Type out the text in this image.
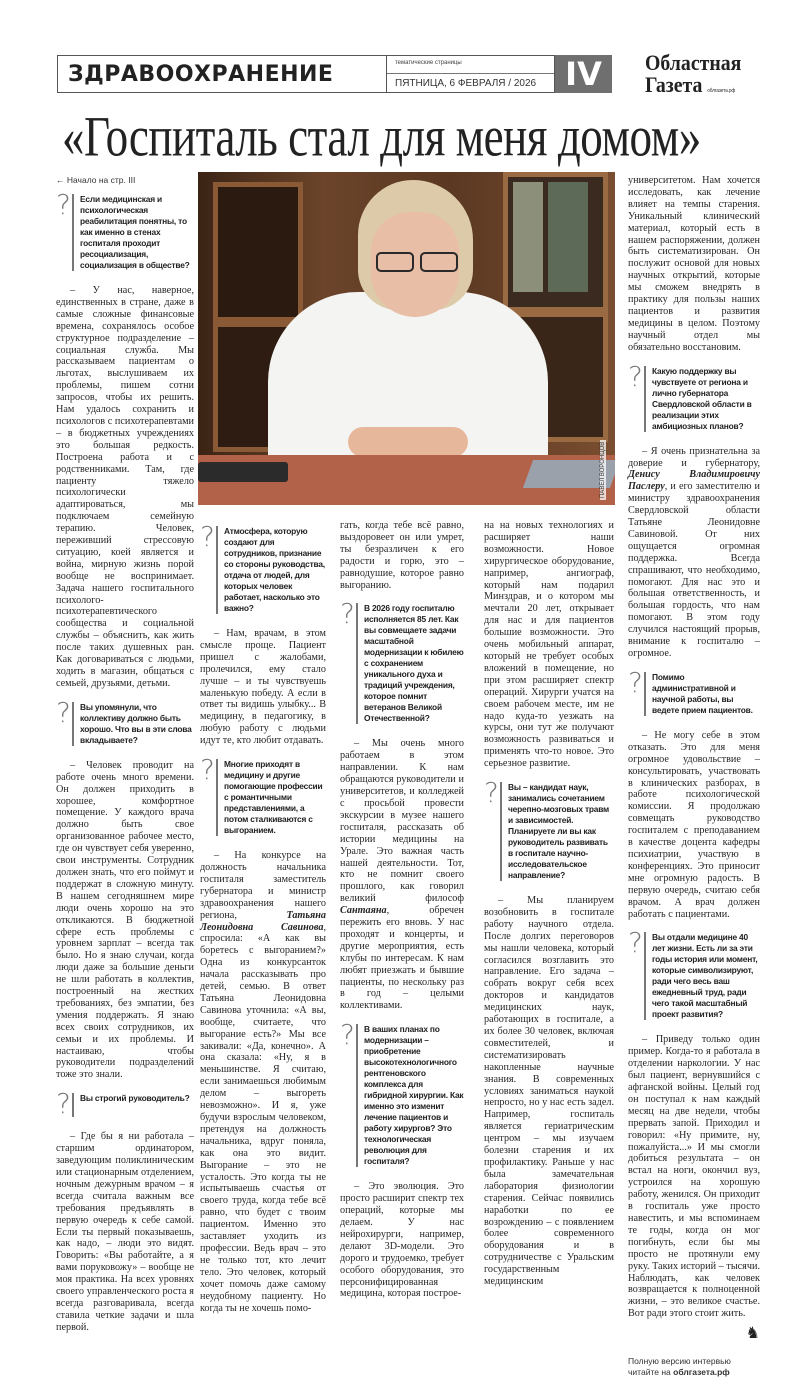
ЗДРАВООХРАНЕНИЕ	тематические страницы
ПЯТНИЦА, 6 ФЕВРАЛЯ / 2026 IV	Областная
Газета облгазета.рф
«Госпиталь стал для меня домом»
ПАВЕЛ ВОРОНЦОВ
← Начало на стр. III
?	Если медицинская и психологическая реабилитация понятны, то как именно в стенах госпиталя проходит ресоциализация, социализация в обществе?

– У нас, наверное, единственных в стране, даже в самые сложные финансовые времена, сохранялось особое структурное подразделение – социальная служба. Мы рассказываем пациентам о льготах, выслушиваем их проблемы, пишем сотни запросов, чтобы их решить. Нам удалось сохранить и психологов с психотерапевтами – в бюджетных учреждениях это большая редкость. Построена работа и с родственниками. Там, где пациенту тяжело психологически адаптироваться, мы подключаем семейную терапию. Человек, переживший стрессовую ситуацию, коей является и война, мирную жизнь порой вообще не воспринимает. Задача нашего госпитального психолого-психотерапевтического сообщества и социальной службы – объяснить, как жить после таких душевных ран. Как договариваться с людьми, ходить в магазин, общаться с семьей, друзьями, детьми.

?	Вы упомянули, что коллективу должно быть хорошо. Что вы в эти слова вкладываете?

– Человек проводит на работе очень много времени. Он должен приходить в хорошее, комфортное помещение. У каждого врача должно быть свое организованное рабочее место, где он чувствует себя уверенно, свои инструменты. Сотрудник должен знать, что его поймут и поддержат в сложную минуту. В нашем сегодняшнем мире люди очень хорошо на это откликаются. В бюджетной сфере есть проблемы с уровнем зарплат – всегда так было. Но я знаю случаи, когда люди даже за большие деньги не шли работать в коллектив, построенный на жестких требованиях, без эмпатии, без умения поддержать. Я знаю всех своих сотрудников, их семьи и их проблемы. И настаиваю, чтобы руководители подразделений тоже это знали.

?	Вы строгий руководитель?

– Где бы я ни работала – старшим ординатором, заведующим поликлиническим или стационарным отделением, ночным дежурным врачом – я всегда считала важным все требования предъявлять в первую очередь к себе самой. Если ты первый показываешь, как надо, – люди это видят. Говорить: «Вы работайте, а я вами поруковожу» – вообще не моя практика. На всех уровнях своего управленческого роста я всегда разговаривала, всегда ставила четкие задачи и шла первой.

?	Атмосфера, которую создают для сотрудников, признание со стороны руководства, отдача от людей, для которых человек работает, насколько это важно?

– Нам, врачам, в этом смысле проще. Пациент пришел с жалобами, пролечился, ему стало лучше – и ты чувствуешь маленькую победу. А если в ответ ты видишь улыбку... В медицину, в педагогику, в любую работу с людьми идут те, кто любит отдавать.

?	Многие приходят в медицину и другие помогающие профессии с романтичными представлениями, а потом сталкиваются с выгоранием.

– На конкурсе на должность начальника госпиталя заместитель губернатора и министр здравоохранения нашего региона, Татьяна Леонидовна Савинова, спросила: «А как вы боретесь с выгоранием?» Одна из конкурсанток начала рассказывать про детей, семью. В ответ Татьяна Леонидовна Савинова уточнила: «А вы, вообще, считаете, что выгорание есть?» Мы все закивали: «Да, конечно». А она сказала: «Ну, я в меньшинстве. Я считаю, если занимаешься любимым делом – выгореть невозможно». И я, уже будучи взрослым человеком, претендуя на должность начальника, вдруг поняла, как она это видит. Выгорание – это не усталость. Это когда ты не испытываешь счастья от своего труда, когда тебе всё равно, что будет с твоим пациентом. Именно это заставляет уходить из профессии. Ведь врач – это не только тот, кто лечит тело. Это человек, который хочет помочь даже самому неудобному пациенту. Но когда ты не хочешь помо-

гать, когда тебе всё равно, выздоровеет он или умрет, ты безразличен к его радости и горю, это – равнодушие, которое равно выгоранию.

?	В 2026 году госпиталю исполняется 85 лет. Как вы совмещаете задачи масштабной модернизации к юбилею с сохранением уникального духа и традиций учреждения, которое помнит ветеранов Великой Отечественной?

– Мы очень много работаем в этом направлении. К нам обращаются руководители и университетов, и колледжей с просьбой провести экскурсии в музее нашего госпиталя, рассказать об истории медицины на Урале. Это важная часть нашей деятельности. Тот, кто не помнит своего прошлого, как говорил великий философ Сантаяна, обречен пережить его вновь. У нас проходят и концерты, и другие мероприятия, есть клубы по интересам. К нам любят приезжать и бывшие пациенты, по нескольку раз в год – целыми коллективами.

?	В ваших планах по модернизации – приобретение высокотехнологичного рентгеновского комплекса для гибридной хирургии. Как именно это изменит лечение пациентов и работу хирургов? Это технологическая революция для госпиталя?

– Это эволюция. Это просто расширит спектр тех операций, которые мы делаем. У нас нейрохирурги, например, делают 3D-модели. Это дорого и трудоемко, требует особого оборудования, это персонифицированная медицина, которая построе-

на на новых технологиях и расширяет наши возможности. Новое хирургическое оборудование, например, ангиограф, который нам подарил Минздрав, и о котором мы мечтали 20 лет, открывает для нас и для пациентов большие возможности. Это очень мобильный аппарат, который не требует особых вложений в помещение, но при этом расширяет спектр операций. Хирурги учатся на своем рабочем месте, им не надо куда-то уезжать на курсы, они тут же получают возможность развиваться и применять что-то новое. Это серьезное развитие.

?	Вы – кандидат наук, занимались сочетанием черепно-мозговых травм и зависимостей. Планируете ли вы как руководитель развивать в госпитале научно-исследовательское направление?

– Мы планируем возобновить в госпитале работу научного отдела. После долгих переговоров мы нашли человека, который согласился возглавить это направление. Его задача – собрать вокруг себя всех докторов и кандидатов медицинских наук, работающих в госпитале, а их более 30 человек, включая совместителей, и систематизировать накопленные научные знания. В современных условиях заниматься наукой непросто, но у нас есть задел. Например, госпиталь является гериатрическим центром – мы изучаем болезни старения и их профилактику. Раньше у нас была замечательная лаборатория физиологии старения. Сейчас появились наработки по ее возрождению – с появлением более современного оборудования и в сотрудничестве с Уральским государственным медицинским

университетом. Нам хочется исследовать, как лечение влияет на темпы старения. Уникальный клинический материал, который есть в нашем распоряжении, должен быть систематизирован. Он послужит основой для новых научных открытий, которые мы сможем внедрять в практику для пользы наших пациентов и развития медицины в целом. Поэтому научный отдел мы обязательно восстановим.

?	Какую поддержку вы чувствуете от региона и лично губернатора Свердловской области в реализации этих амбициозных планов?

– Я очень признательна за доверие и губернатору, Денису Владимировичу Паслеру, и его заместителю и министру здравоохранения Свердловской области Татьяне Леонидовне Савиновой. От них ощущается огромная поддержка. Всегда спрашивают, что необходимо, помогают. Для нас это и большая ответственность, и большая гордость, что нам помогают. В этом году случился настоящий прорыв, внимание к госпиталю – огромное.

?	Помимо административной и научной работы, вы ведете прием пациентов.

– Не могу себе в этом отказать. Это для меня огромное удовольствие – консультировать, участвовать в клинических разборах, в работе психологической комиссии. Я продолжаю совмещать руководство госпиталем с преподаванием в качестве доцента кафедры психиатрии, участвую в конференциях. Это приносит мне огромную радость. В первую очередь, считаю себя врачом. А врач должен работать с пациентами.

?	Вы отдали медицине 40 лет жизни. Есть ли за эти годы история или момент, которые символизируют, ради чего весь ваш ежедневный труд, ради чего такой масштабный проект развития?

– Приведу только один пример. Когда-то я работала в отделении наркологии. У нас был пациент, вернувшийся с афганской войны. Целый год он поступал к нам каждый месяц на две недели, чтобы прервать запой. Приходил и говорил: «Ну примите, ну, пожалуйста...» И мы смогли добиться результата – он встал на ноги, окончил вуз, устроился на хорошую работу, женился. Он приходит в госпиталь уже просто навестить, и мы вспоминаем те годы, когда он мог погибнуть, если бы мы просто не протянули ему руку. Таких историй – тысячи. Наблюдать, как человек возвращается к полноценной жизни, – это великое счастье. Вот ради этого стоит жить.

♞
Полную версию интервью читайте на облгазета.рф
